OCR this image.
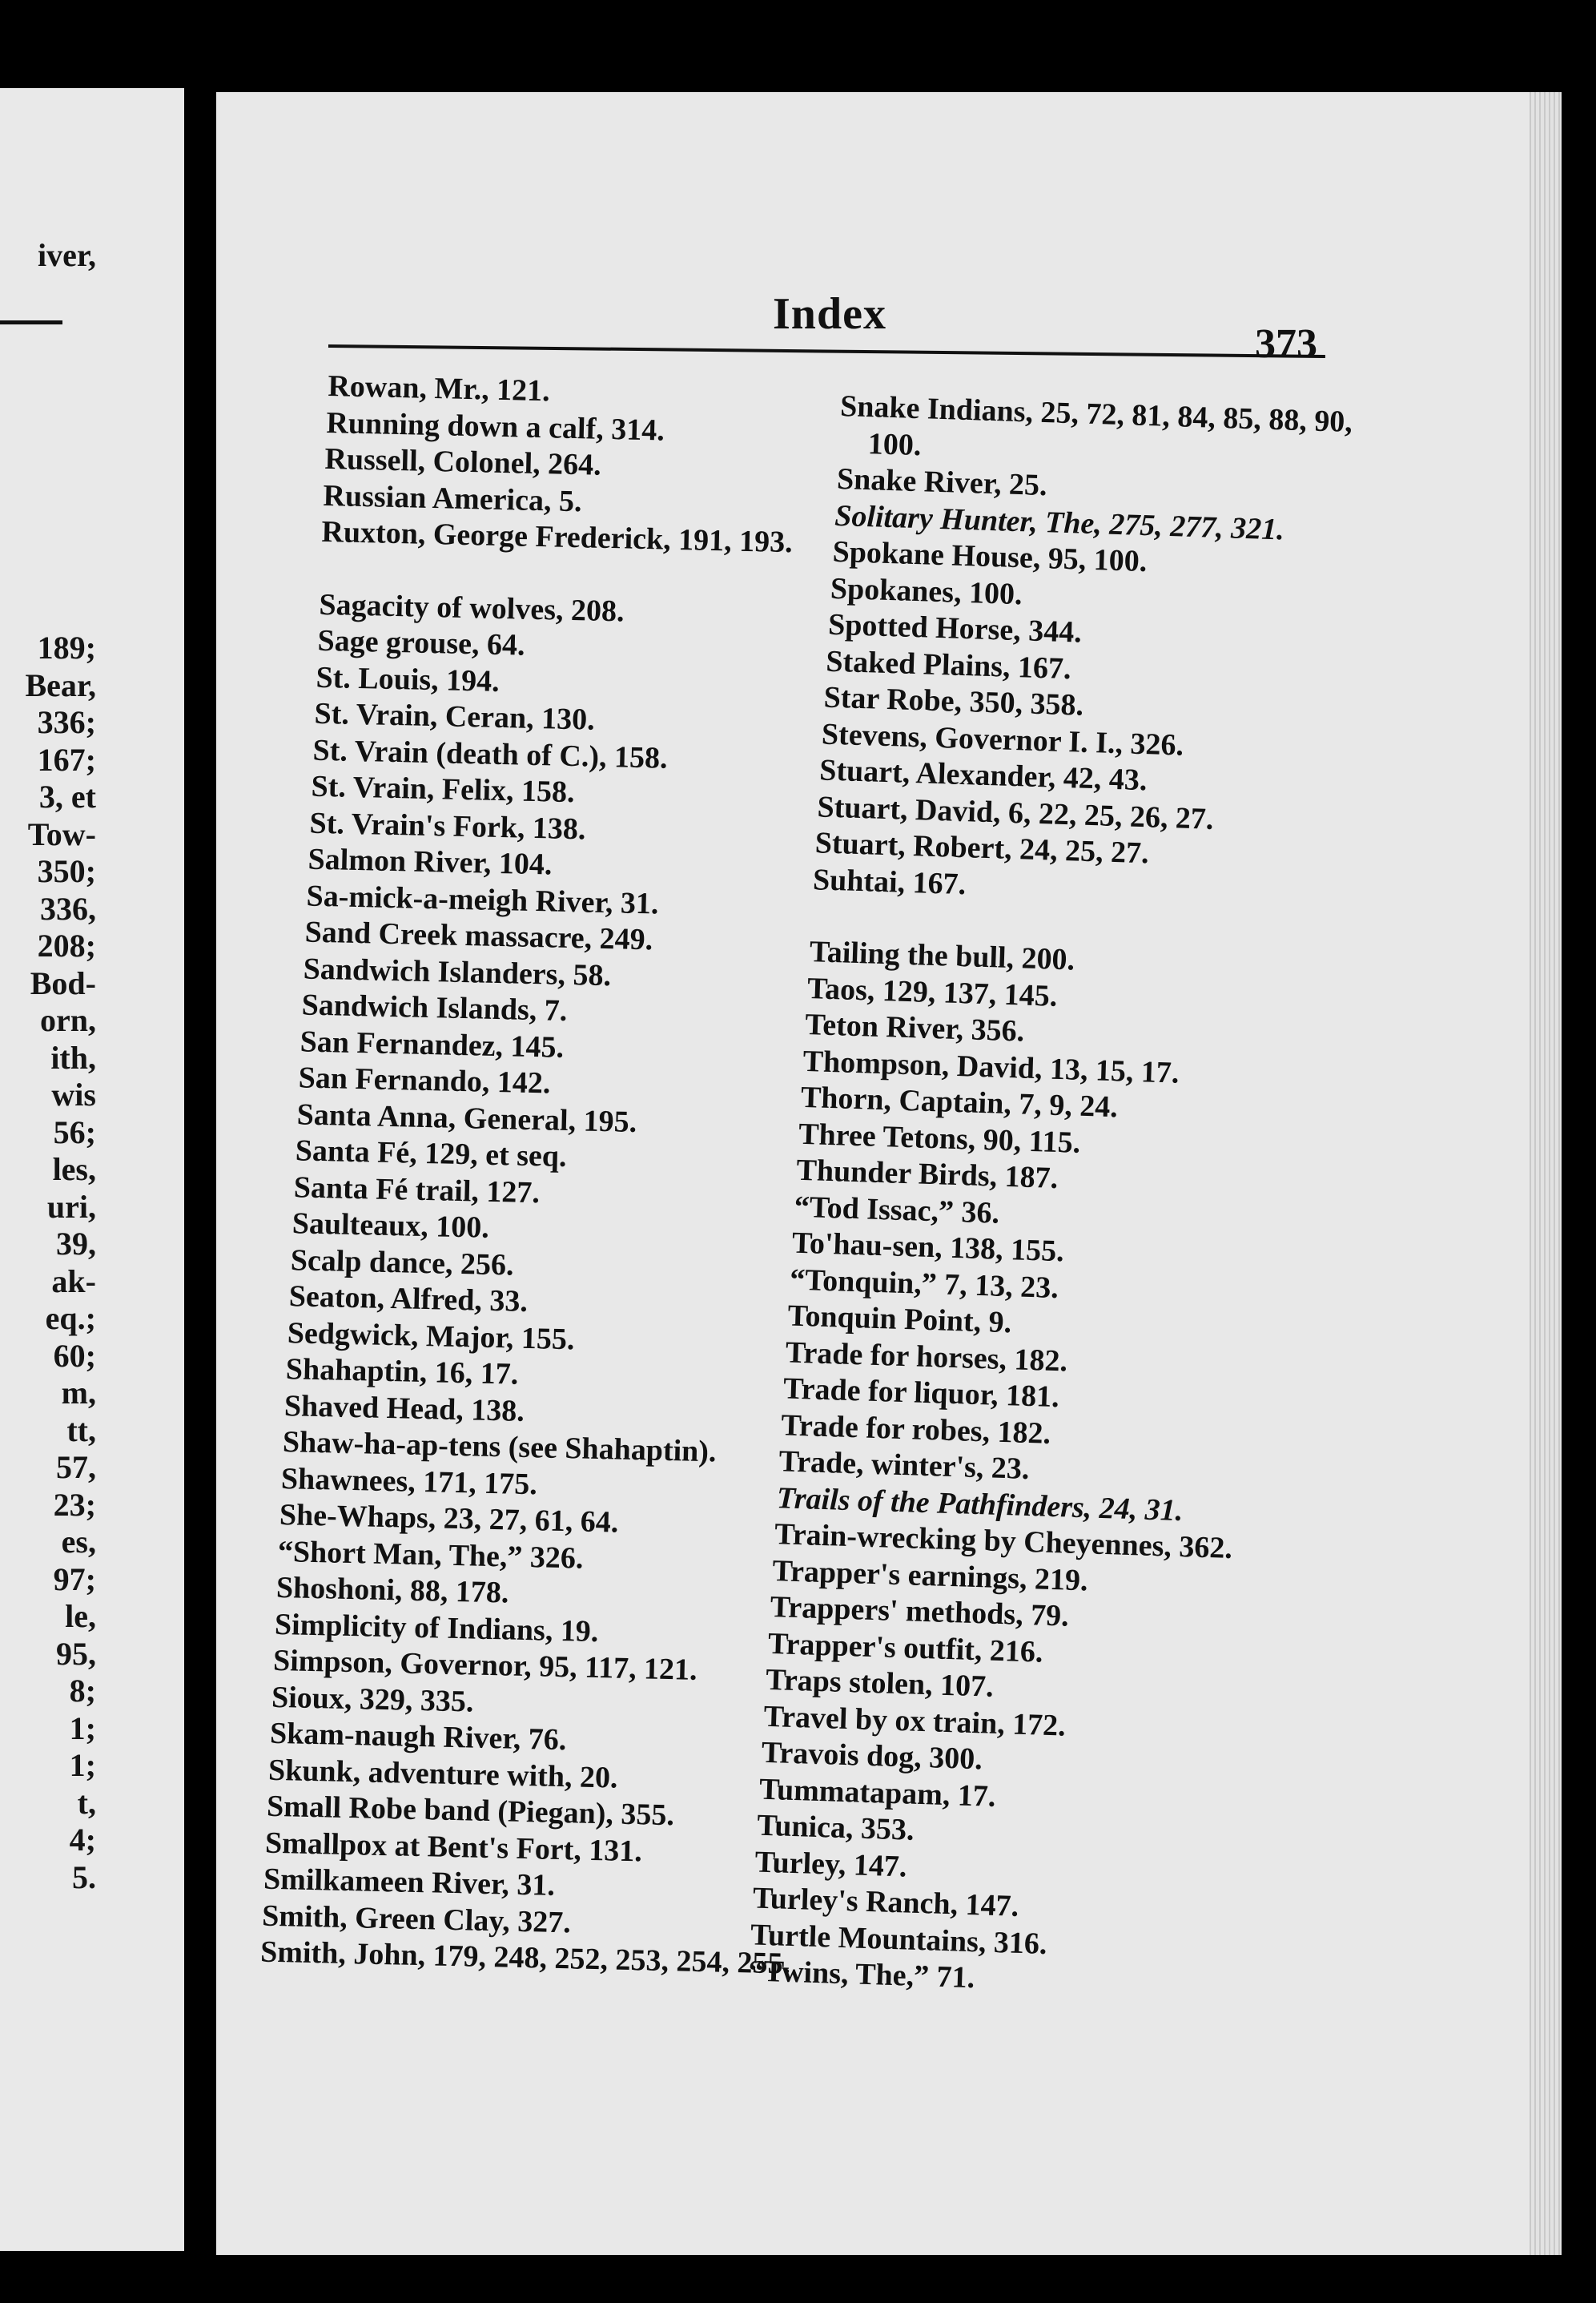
iver,
189;
Bear,
336;
167;
3, et
Tow-
350;
336,
208;
Bod-
orn,
ith,
wis
56;
les,
uri,
39,
ak-
eq.;
60;
m,
tt,
57,
23;
es,
97;
le,
95,
8;
1;
1;
t,
4;
5.
Index
373
Rowan, Mr., 121.
Running down a calf, 314.
Russell, Colonel, 264.
Russian America, 5.
Ruxton, George Frederick, 191, 193.
Sagacity of wolves, 208.
Sage grouse, 64.
St. Louis, 194.
St. Vrain, Ceran, 130.
St. Vrain (death of C.), 158.
St. Vrain, Felix, 158.
St. Vrain's Fork, 138.
Salmon River, 104.
Sa-mick-a-meigh River, 31.
Sand Creek massacre, 249.
Sandwich Islanders, 58.
Sandwich Islands, 7.
San Fernandez, 145.
San Fernando, 142.
Santa Anna, General, 195.
Santa Fé, 129, et seq.
Santa Fé trail, 127.
Saulteaux, 100.
Scalp dance, 256.
Seaton, Alfred, 33.
Sedgwick, Major, 155.
Shahaptin, 16, 17.
Shaved Head, 138.
Shaw-ha-ap-tens (see Shahaptin).
Shawnees, 171, 175.
She-Whaps, 23, 27, 61, 64.
“Short Man, The,” 326.
Shoshoni, 88, 178.
Simplicity of Indians, 19.
Simpson, Governor, 95, 117, 121.
Sioux, 329, 335.
Skam-naugh River, 76.
Skunk, adventure with, 20.
Small Robe band (Piegan), 355.
Smallpox at Bent's Fort, 131.
Smilkameen River, 31.
Smith, Green Clay, 327.
Smith, John, 179, 248, 252, 253, 254, 255.
Snake Indians, 25, 72, 81, 84, 85, 88, 90, 100.
Snake River, 25.
Solitary Hunter, The, 275, 277, 321.
Spokane House, 95, 100.
Spokanes, 100.
Spotted Horse, 344.
Staked Plains, 167.
Star Robe, 350, 358.
Stevens, Governor I. I., 326.
Stuart, Alexander, 42, 43.
Stuart, David, 6, 22, 25, 26, 27.
Stuart, Robert, 24, 25, 27.
Suhtai, 167.
Tailing the bull, 200.
Taos, 129, 137, 145.
Teton River, 356.
Thompson, David, 13, 15, 17.
Thorn, Captain, 7, 9, 24.
Three Tetons, 90, 115.
Thunder Birds, 187.
“Tod Issac,” 36.
To'hau-sen, 138, 155.
“Tonquin,” 7, 13, 23.
Tonquin Point, 9.
Trade for horses, 182.
Trade for liquor, 181.
Trade for robes, 182.
Trade, winter's, 23.
Trails of the Pathfinders, 24, 31.
Train-wrecking by Cheyennes, 362.
Trapper's earnings, 219.
Trappers' methods, 79.
Trapper's outfit, 216.
Traps stolen, 107.
Travel by ox train, 172.
Travois dog, 300.
Tummatapam, 17.
Tunica, 353.
Turley, 147.
Turley's Ranch, 147.
Turtle Mountains, 316.
“Twins, The,” 71.
